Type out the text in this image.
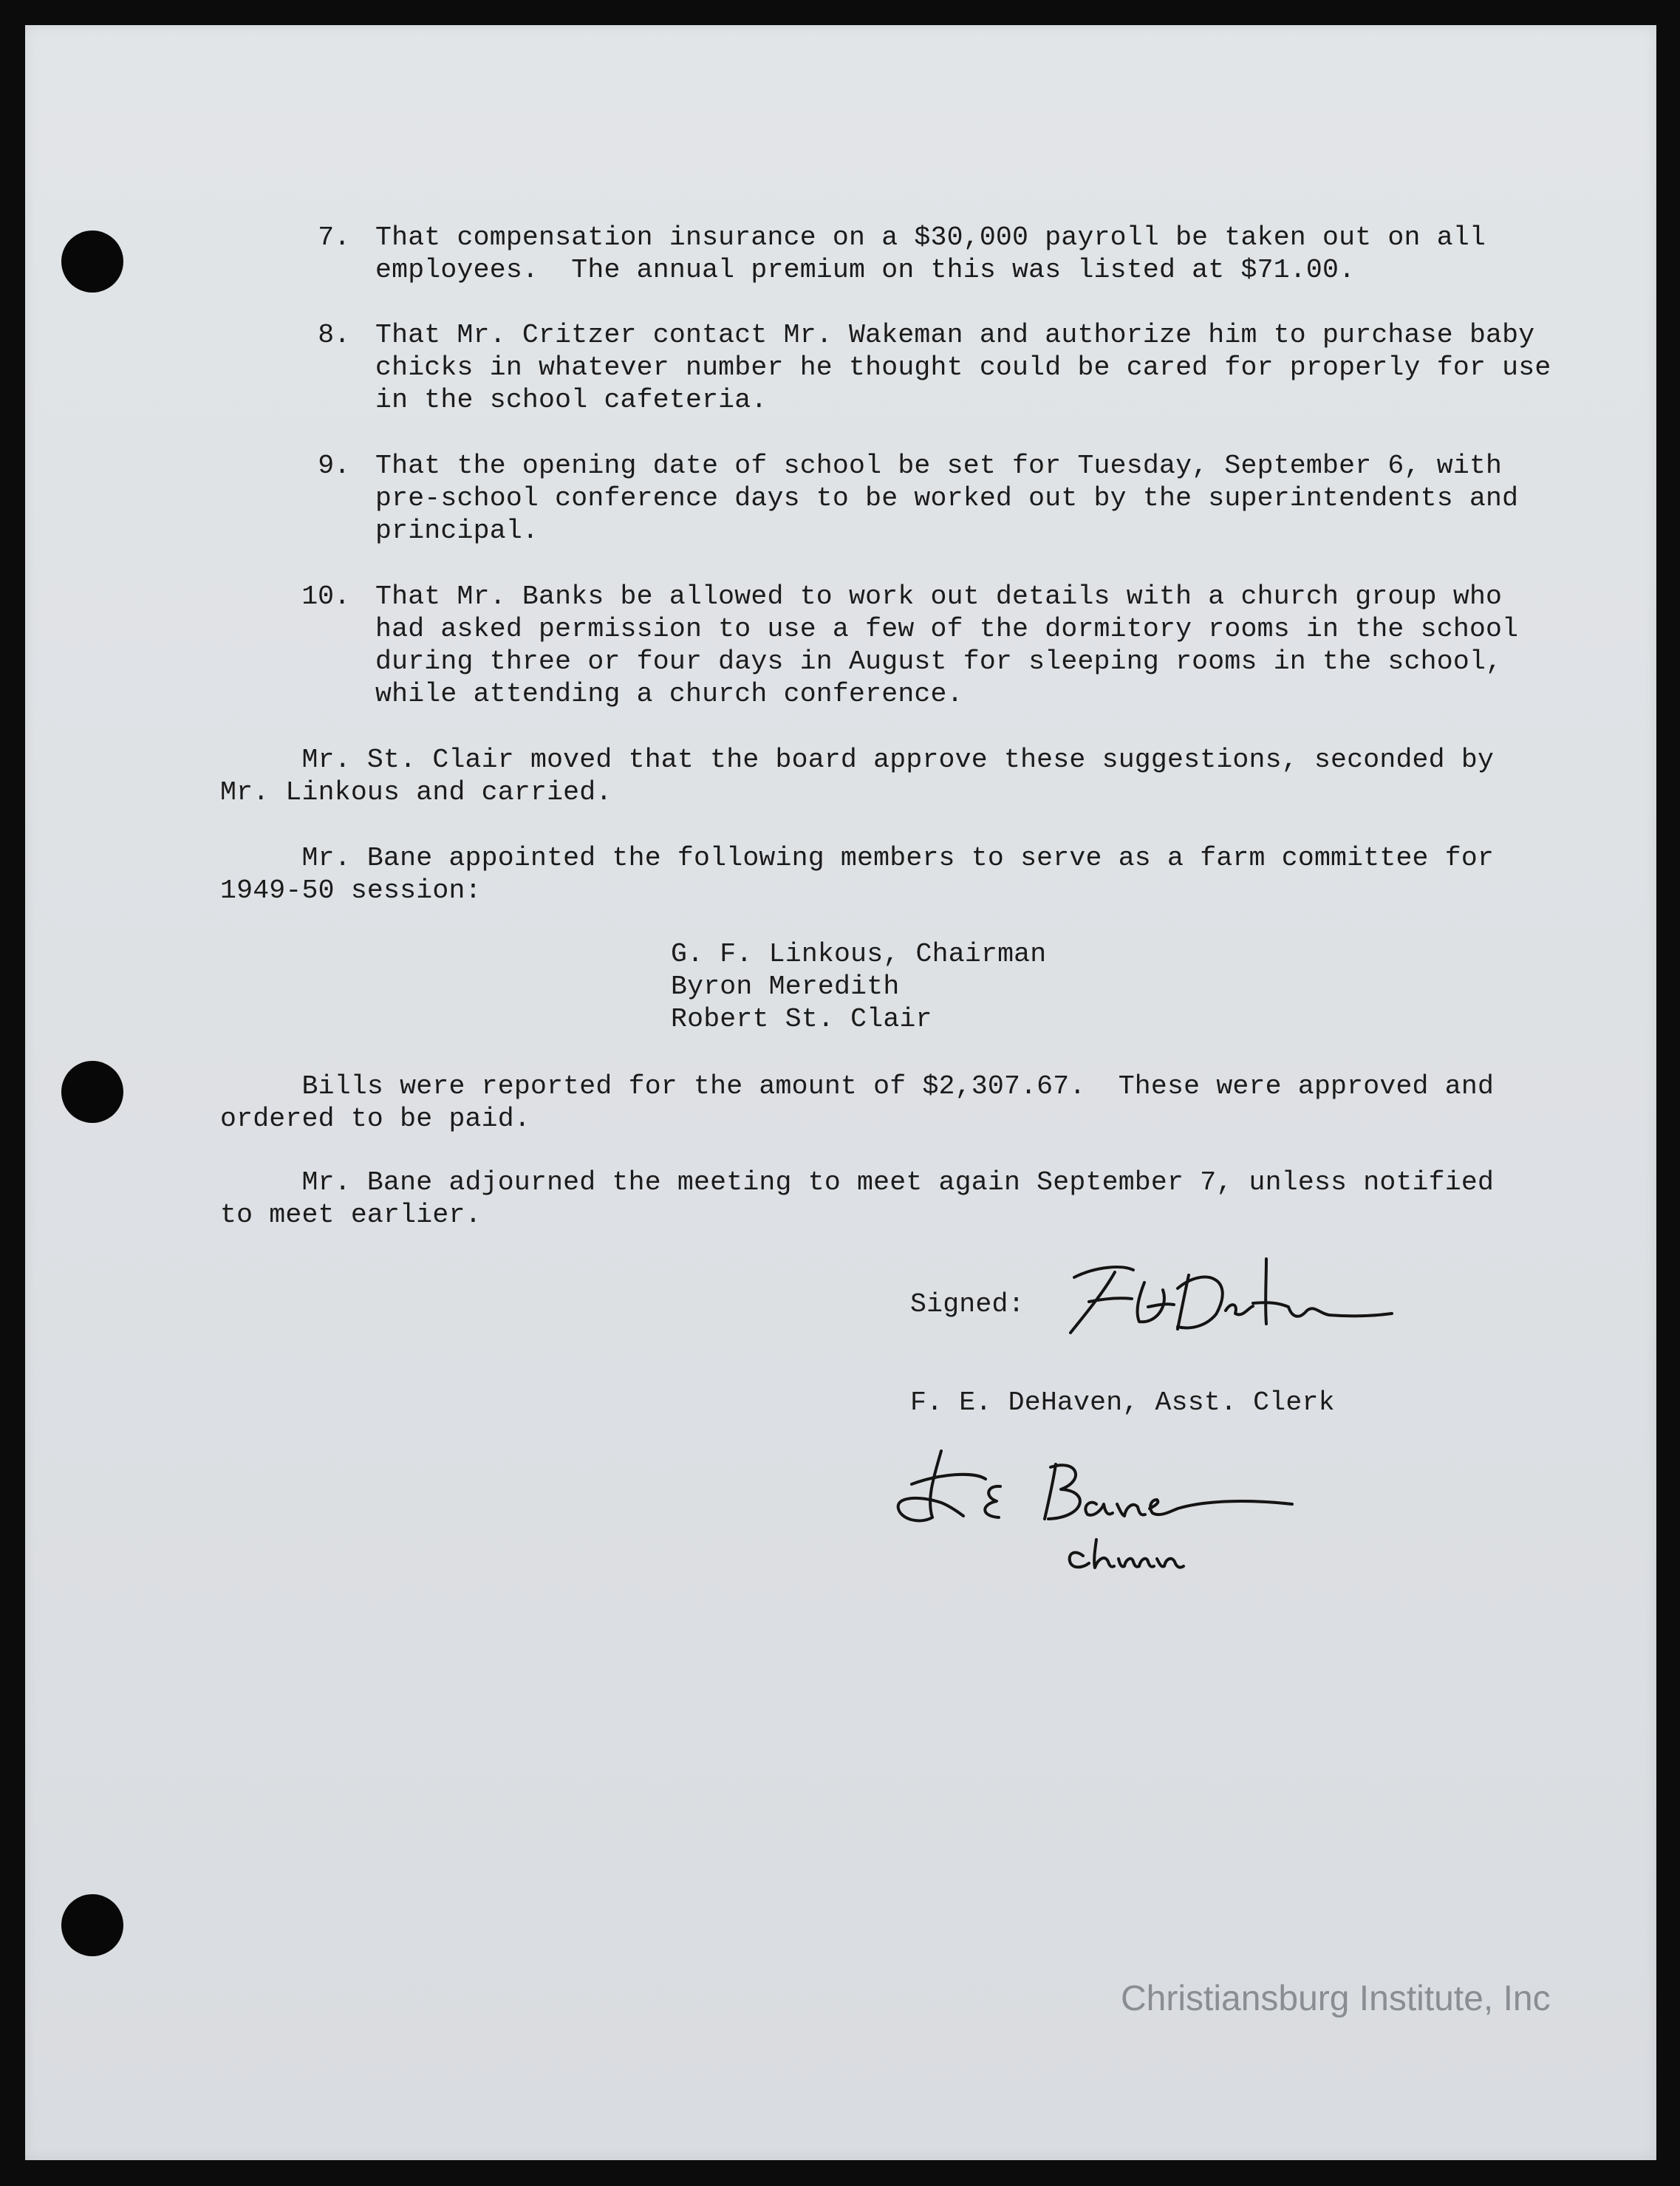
7. That compensation insurance on a $30,000 payroll be taken out on all
employees.  The annual premium on this was listed at $71.00.
8. That Mr. Critzer contact Mr. Wakeman and authorize him to purchase baby
chicks in whatever number he thought could be cared for properly for use
in the school cafeteria.
9. That the opening date of school be set for Tuesday, September 6, with
pre-school conference days to be worked out by the superintendents and
principal.
10. That Mr. Banks be allowed to work out details with a church group who
had asked permission to use a few of the dormitory rooms in the school
during three or four days in August for sleeping rooms in the school,
while attending a church conference.
Mr. St. Clair moved that the board approve these suggestions, seconded by
Mr. Linkous and carried.
Mr. Bane appointed the following members to serve as a farm committee for
1949-50 session:
G. F. Linkous, Chairman
Byron Meredith
Robert St. Clair
Bills were reported for the amount of $2,307.67.  These were approved and
ordered to be paid.
Mr. Bane adjourned the meeting to meet again September 7, unless notified
to meet earlier.
Signed:
F. E. DeHaven, Asst. Clerk
Christiansburg Institute, Inc
